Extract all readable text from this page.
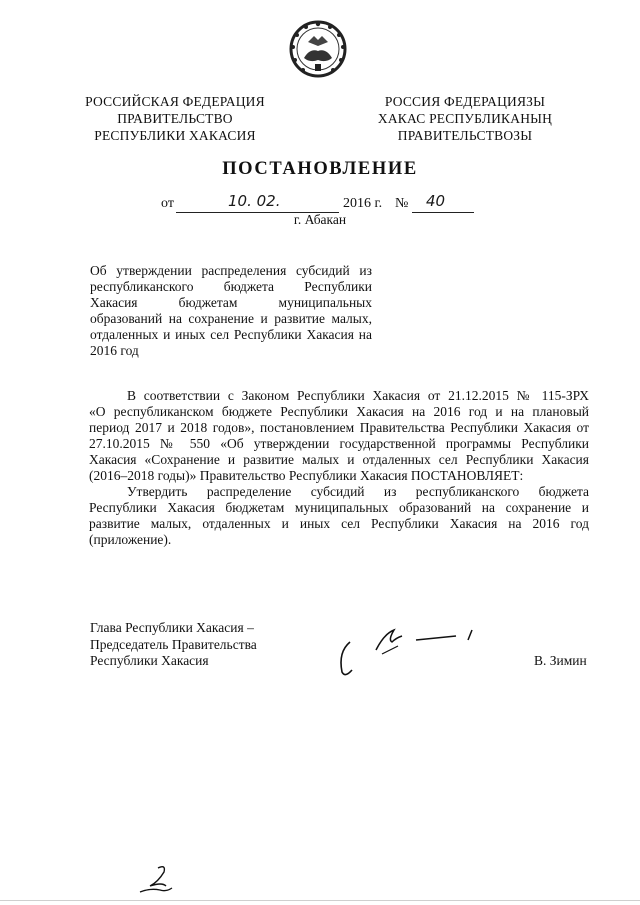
РОССИЙСКАЯ ФЕДЕРАЦИЯ
ПРАВИТЕЛЬСТВО
РЕСПУБЛИКИ ХАКАСИЯ
РОССИЯ ФЕДЕРАЦИЯЗЫ
ХАКАС РЕСПУБЛИКАНЫҢ
ПРАВИТЕЛЬСТВОЗЫ
ПОСТАНОВЛЕНИЕ
от	10. 02.	2016 г. № 40
г. Абакан
Об утверждении распределения субсидий из
республиканского бюджета Республики
Хакасия бюджетам муниципальных
образований на сохранение и развитие малых,
отдаленных и иных сел Республики Хакасия на
2016 год
В соответствии с Законом Республики Хакасия от 21.12.2015 № 115-ЗРХ
«О республиканском бюджете Республики Хакасия на 2016 год и на плановый
период 2017 и 2018 годов», постановлением Правительства Республики Хакасия от
27.10.2015 № 550 «Об утверждении государственной программы Республики
Хакасия «Сохранение и развитие малых и отдаленных сел Республики Хакасия
(2016–2018 годы)» Правительство Республики Хакасия ПОСТАНОВЛЯЕТ:
Утвердить распределение субсидий из республиканского бюджета
Республики Хакасия бюджетам муниципальных образований на сохранение и
развитие малых, отдаленных и иных сел Республики Хакасия на 2016 год
(приложение).
Глава Республики Хакасия –
Председатель Правительства
Республики Хакасия	В. Зимин
